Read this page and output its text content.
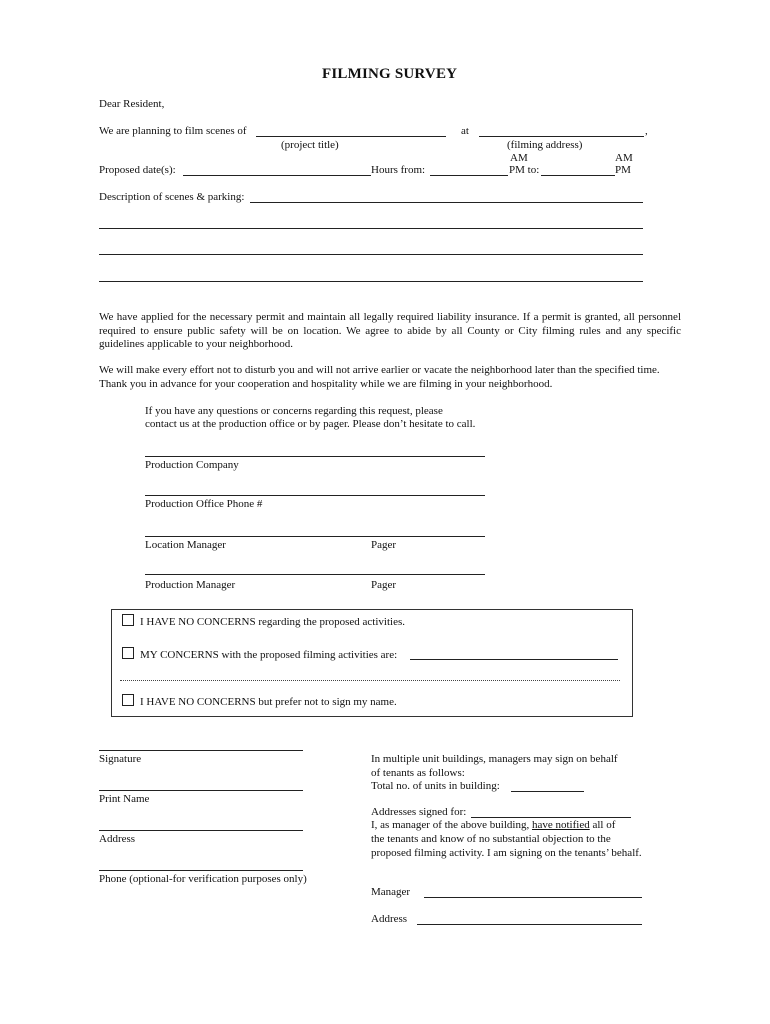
FILMING SURVEY
Dear Resident,
We are planning to film scenes of	at	,
(project title)	(filming address)
AM	AM
Proposed date(s):	Hours from:	PM to:	PM
Description of scenes & parking:
We have applied for the necessary permit and maintain all legally required liability insurance. If a permit is granted, all personnel required to ensure public safety will be on location. We agree to abide by all County or City filming rules and any specific guidelines applicable to your neighborhood.
We will make every effort not to disturb you and will not arrive earlier or vacate the neighborhood later than the specified time. Thank you in advance for your cooperation and hospitality while we are filming in your neighborhood.
If you have any questions or concerns regarding this request, please
contact us at the production office or by pager. Please don’t hesitate to call.
Production Company
Production Office Phone #
Location Manager	Pager
Production Manager	Pager
I HAVE NO CONCERNS regarding the proposed activities.
MY CONCERNS with the proposed filming activities are:
I HAVE NO CONCERNS but prefer not to sign my name.
Signature
Print Name
Address
Phone (optional-for verification purposes only)
In multiple unit buildings, managers may sign on behalf
of tenants as follows:
Total no. of units in building:
Addresses signed for:
I, as manager of the above building, have notified all of
the tenants and know of no substantial objection to the
proposed filming activity. I am signing on the tenants’ behalf.
Manager
Address
